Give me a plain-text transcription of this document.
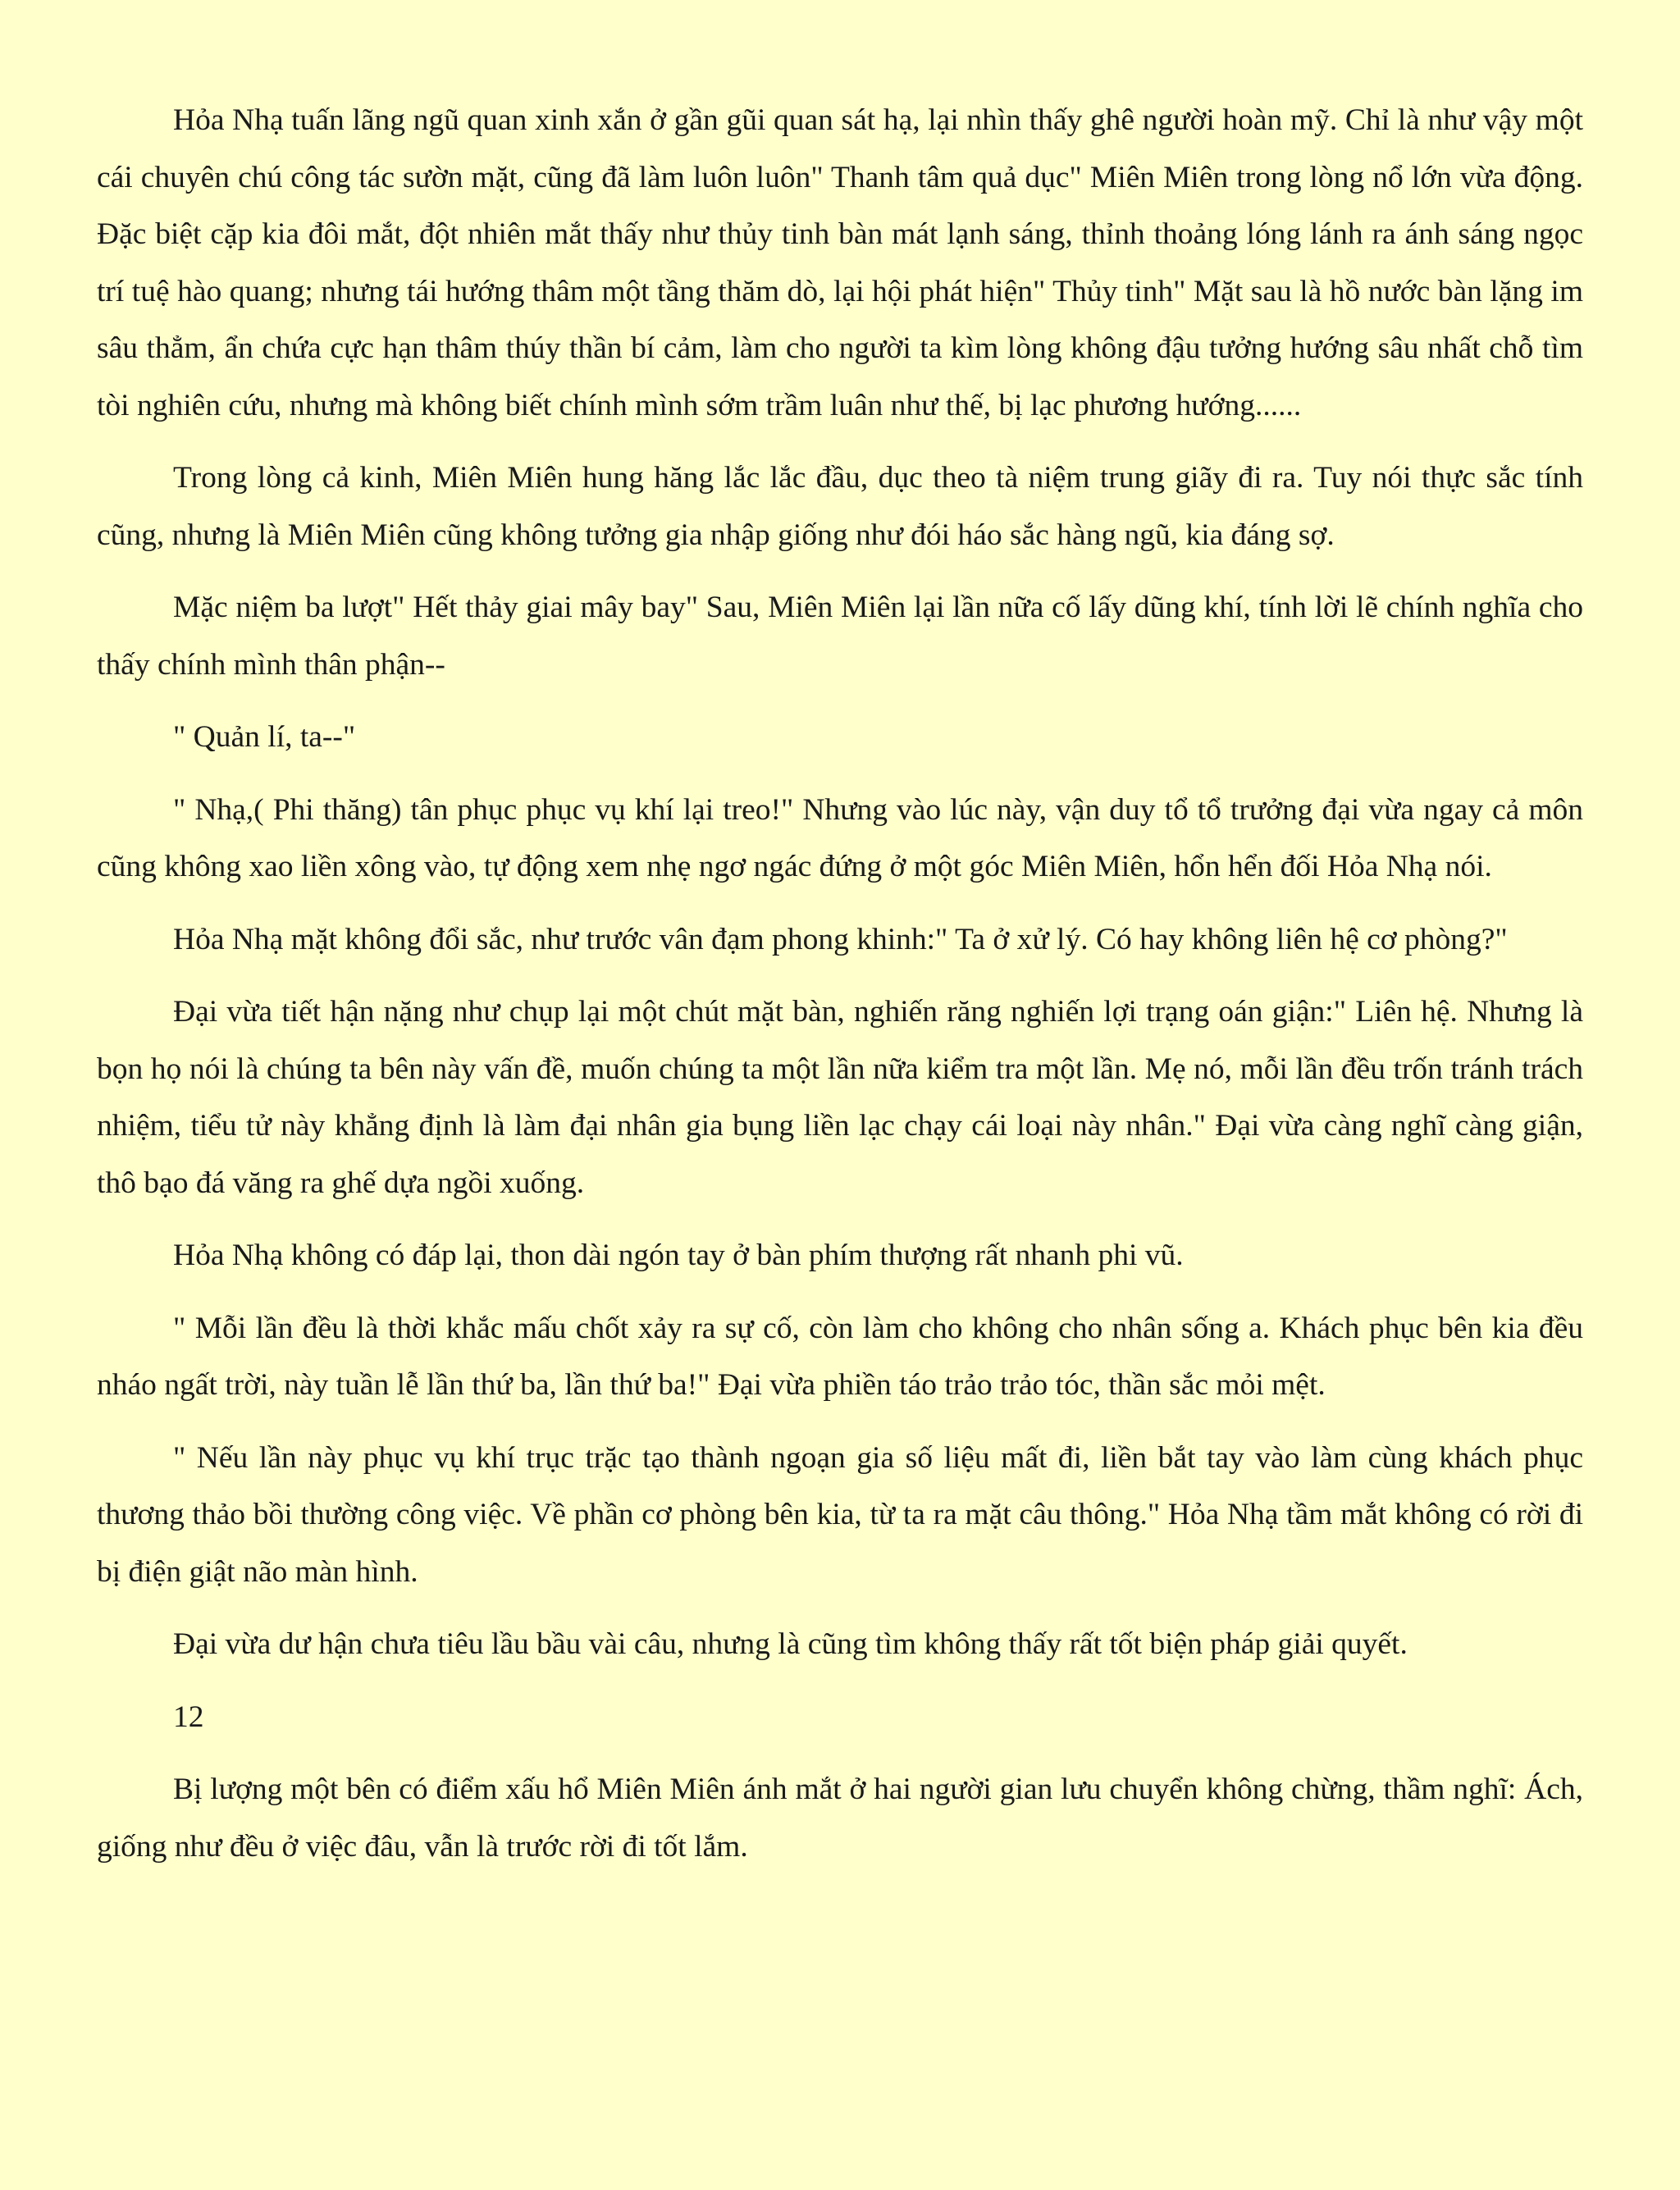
Hỏa Nhạ tuấn lãng ngũ quan xinh xắn ở gần gũi quan sát hạ, lại nhìn thấy ghê người hoàn mỹ. Chỉ là như vậy một cái chuyên chú công tác sườn mặt, cũng đã làm luôn luôn" Thanh tâm quả dục" Miên Miên trong lòng nổ lớn vừa động. Đặc biệt cặp kia đôi mắt, đột nhiên mắt thấy như thủy tinh bàn mát lạnh sáng, thỉnh thoảng lóng lánh ra ánh sáng ngọc trí tuệ hào quang; nhưng tái hướng thâm một tầng thăm dò, lại hội phát hiện" Thủy tinh" Mặt sau là hồ nước bàn lặng im sâu thẳm, ẩn chứa cực hạn thâm thúy thần bí cảm, làm cho người ta kìm lòng không đậu tưởng hướng sâu nhất chỗ tìm tòi nghiên cứu, nhưng mà không biết chính mình sớm trầm luân như thế, bị lạc phương hướng......

Trong lòng cả kinh, Miên Miên hung hăng lắc lắc đầu, dục theo tà niệm trung giãy đi ra. Tuy nói thực sắc tính cũng, nhưng là Miên Miên cũng không tưởng gia nhập giống như đói háo sắc hàng ngũ, kia đáng sợ.

Mặc niệm ba lượt" Hết thảy giai mây bay" Sau, Miên Miên lại lần nữa cố lấy dũng khí, tính lời lẽ chính nghĩa cho thấy chính mình thân phận--

" Quản lí, ta--"

" Nhạ,( Phi thăng) tân phục phục vụ khí lại treo!" Nhưng vào lúc này, vận duy tổ tổ trưởng đại vừa ngay cả môn cũng không xao liền xông vào, tự động xem nhẹ ngơ ngác đứng ở một góc Miên Miên, hổn hển đối Hỏa Nhạ nói.

Hỏa Nhạ mặt không đổi sắc, như trước vân đạm phong khinh:" Ta ở xử lý. Có hay không liên hệ cơ phòng?"

Đại vừa tiết hận nặng như chụp lại một chút mặt bàn, nghiến răng nghiến lợi trạng oán giận:" Liên hệ. Nhưng là bọn họ nói là chúng ta bên này vấn đề, muốn chúng ta một lần nữa kiểm tra một lần. Mẹ nó, mỗi lần đều trốn tránh trách nhiệm, tiểu tử này khẳng định là làm đại nhân gia bụng liền lạc chạy cái loại này nhân." Đại vừa càng nghĩ càng giận, thô bạo đá văng ra ghế dựa ngồi xuống.

Hỏa Nhạ không có đáp lại, thon dài ngón tay ở bàn phím thượng rất nhanh phi vũ.

" Mỗi lần đều là thời khắc mấu chốt xảy ra sự cố, còn làm cho không cho nhân sống a. Khách phục bên kia đều nháo ngất trời, này tuần lễ lần thứ ba, lần thứ ba!" Đại vừa phiền táo trảo trảo tóc, thần sắc mỏi mệt.

" Nếu lần này phục vụ khí trục trặc tạo thành ngoạn gia số liệu mất đi, liền bắt tay vào làm cùng khách phục thương thảo bồi thường công việc. Về phần cơ phòng bên kia, từ ta ra mặt câu thông." Hỏa Nhạ tầm mắt không có rời đi bị điện giật não màn hình.

Đại vừa dư hận chưa tiêu lầu bầu vài câu, nhưng là cũng tìm không thấy rất tốt biện pháp giải quyết.

12

Bị lượng một bên có điểm xấu hổ Miên Miên ánh mắt ở hai người gian lưu chuyển không chừng, thầm nghĩ: Ách, giống như đều ở việc đâu, vẫn là trước rời đi tốt lắm.
